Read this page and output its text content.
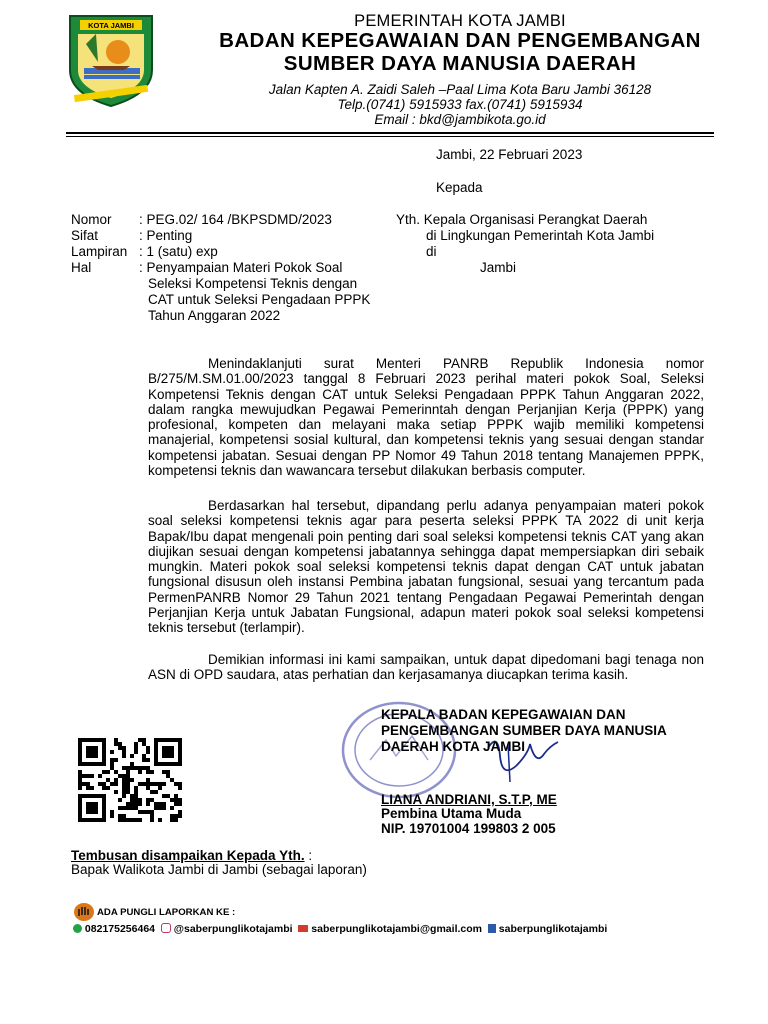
KOTA JAMBI	PEMERINTAH KOTA JAMBI
BADAN KEPEGAWAIAN DAN PENGEMBANGAN
SUMBER DAYA MANUSIA DAERAH
Jalan Kapten A. Zaidi Saleh –Paal Lima Kota Baru Jambi 36128
Telp.(0741) 5915933 fax.(0741) 5915934
Email : bkd@jambikota.go.id
Jambi, 22 Februari 2023
Kepada
Nomor : PEG.02/ 164 /BKPSDMD/2023
Sifat	: Penting
Lampiran : 1 (satu) exp
Hal	: Penyampaian Materi Pokok Soal
Seleksi Kompetensi Teknis dengan
CAT untuk Seleksi Pengadaan PPPK
Tahun Anggaran 2022
Yth. Kepala Organisasi Perangkat Daerah
di Lingkungan Pemerintah Kota Jambi
di
Jambi
Menindaklanjuti surat Menteri PANRB Republik Indonesia nomor B/275/M.SM.01.00/2023 tanggal 8 Februari 2023 perihal materi pokok Soal, Seleksi Kompetensi Teknis dengan CAT untuk Seleksi Pengadaan PPPK Tahun Anggaran 2022, dalam rangka mewujudkan Pegawai Pemerinntah dengan Perjanjian Kerja (PPPK) yang profesional, kompeten dan melayani maka setiap PPPK wajib memiliki kompetensi manajerial, kompetensi sosial kultural, dan kompetensi teknis yang sesuai dengan standar kompetensi jabatan. Sesuai dengan PP Nomor 49 Tahun 2018 tentang Manajemen PPPK, kompetensi teknis dan wawancara tersebut dilakukan berbasis computer.
Berdasarkan hal tersebut, dipandang perlu adanya penyampaian materi pokok soal seleksi kompetensi teknis agar para peserta seleksi PPPK TA 2022 di unit kerja Bapak/Ibu dapat mengenali poin penting dari soal seleksi kompetensi teknis CAT yang akan diujikan sesuai dengan kompetensi jabatannya sehingga dapat mempersiapkan diri sebaik mungkin. Materi pokok soal seleksi kompetensi teknis dapat dengan CAT untuk jabatan fungsional disusun oleh instansi Pembina jabatan fungsional, sesuai yang tercantum pada PermenPANRB Nomor 29 Tahun 2021 tentang Pengadaan Pegawai Pemerintah dengan Perjanjian Kerja untuk Jabatan Fungsional, adapun materi pokok soal seleksi kompetensi teknis tersebut (terlampir).
Demikian informasi ini kami sampaikan, untuk dapat dipedomani bagi tenaga non ASN di OPD saudara, atas perhatian dan kerjasamanya diucapkan terima kasih.
KEPALA BADAN KEPEGAWAIAN DAN
PENGEMBANGAN SUMBER DAYA MANUSIA
DAERAH KOTA JAMBI
LIANA ANDRIANI, S.T.P, ME
Pembina Utama Muda
NIP. 19701004 199803 2 005
Tembusan disampaikan Kepada Yth. :
Bapak Walikota Jambi di Jambi (sebagai laporan)
ADA PUNGLI LAPORKAN KE :
082175256464 @saberpunglikotajambi saberpunglikotajambi@gmail.com saberpunglikotajambi
